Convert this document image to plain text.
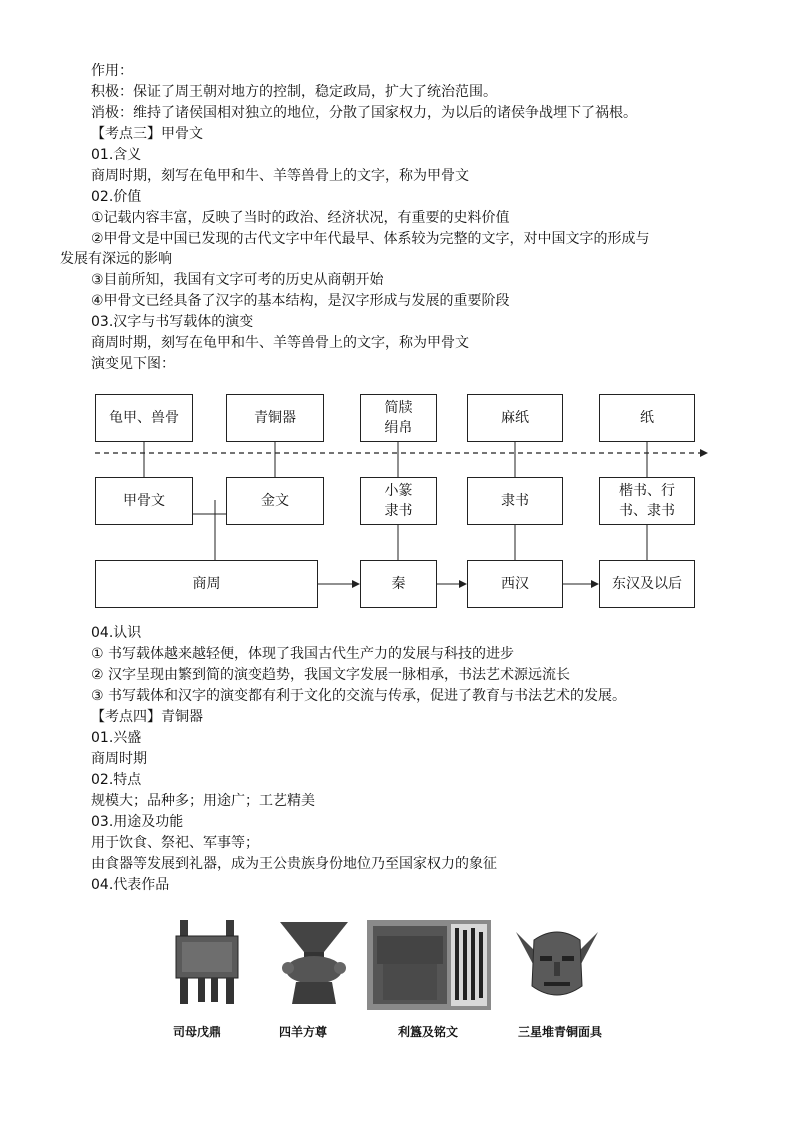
作用：
积极：保证了周王朝对地方的控制，稳定政局，扩大了统治范围。
消极：维持了诸侯国相对独立的地位，分散了国家权力，为以后的诸侯争战埋下了祸根。
【考点三】甲骨文
01.含义
商周时期，刻写在龟甲和牛、羊等兽骨上的文字，称为甲骨文
02.价值
①记载内容丰富，反映了当时的政治、经济状况，有重要的史料价值
②甲骨文是中国已发现的古代文字中年代最早、体系较为完整的文字，对中国文字的形成与
发展有深远的影响
③目前所知，我国有文字可考的历史从商朝开始
④甲骨文已经具备了汉字的基本结构，是汉字形成与发展的重要阶段
03.汉字与书写载体的演变
商周时期，刻写在龟甲和牛、羊等兽骨上的文字，称为甲骨文
演变见下图：
龟甲、兽骨	青铜器
简牍
绢帛
麻纸	纸
甲骨文	金文
小篆
隶书
隶书
楷书、行
书、隶书
商周	秦	西汉	东汉及以后
04.认识
① 书写载体越来越轻便，体现了我国古代生产力的发展与科技的进步
② 汉字呈现由繁到简的演变趋势，我国文字发展一脉相承，书法艺术源远流长
③ 书写载体和汉字的演变都有利于文化的交流与传承，促进了教育与书法艺术的发展。
【考点四】青铜器
01.兴盛
商周时期
02.特点
规模大；品种多；用途广；工艺精美
03.用途及功能
用于饮食、祭祀、军事等；
由食器等发展到礼器，成为王公贵族身份地位乃至国家权力的象征
04.代表作品
司母戊鼎	四羊方尊	利簋及铭文	三星堆青铜面具
